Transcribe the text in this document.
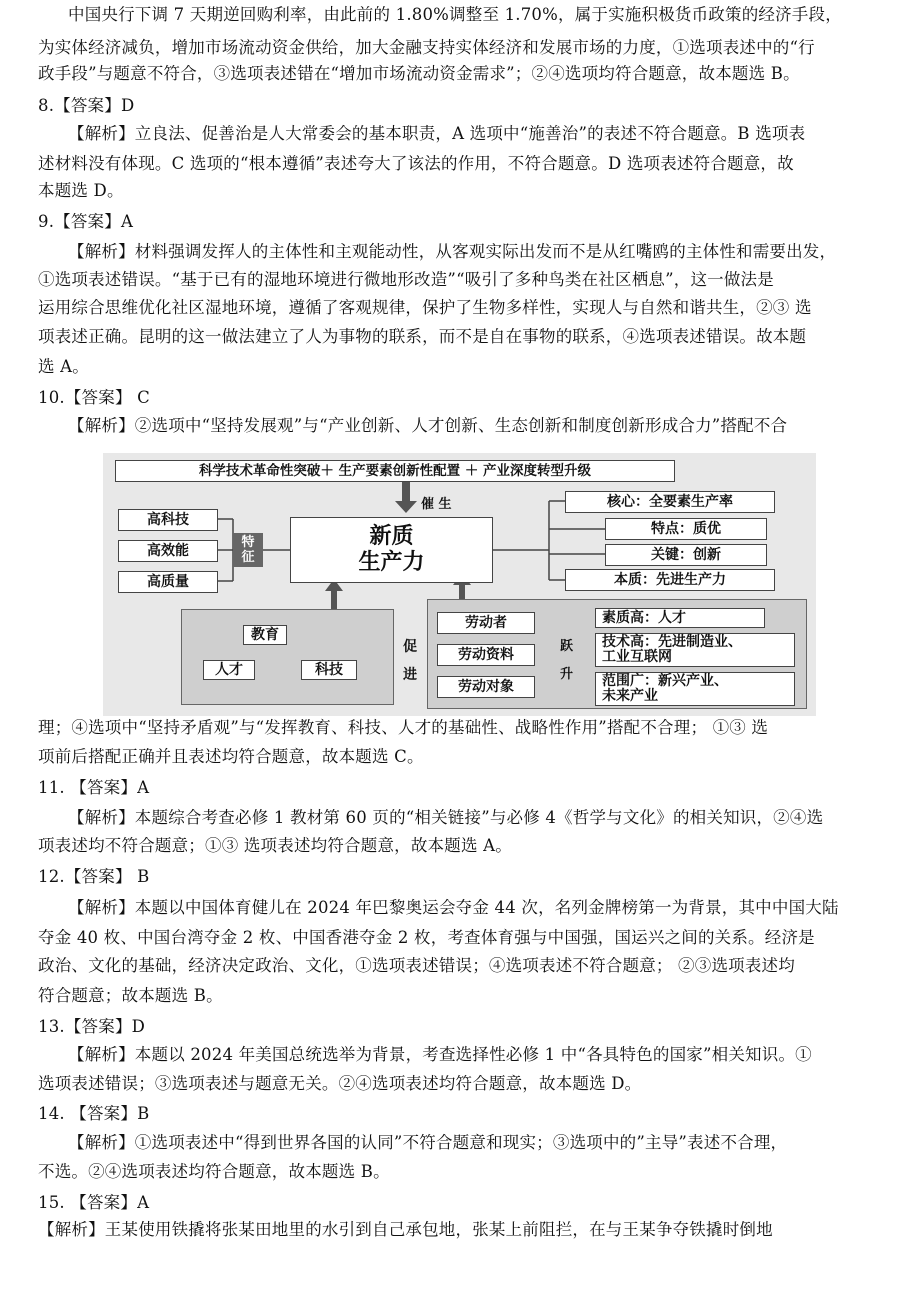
中国央行下调 7 天期逆回购利率，由此前的 1.80%调整至 1.70%，属于实施积极货币政策的经济手段，
为实体经济减负，增加市场流动资金供给，加大金融支持实体经济和发展市场的力度，①选项表述中的“行
政手段”与题意不符合，③选项表述错在“增加市场流动资金需求”；②④选项均符合题意，故本题选 B。
8.【答案】D
【解析】立良法、促善治是人大常委会的基本职责，A 选项中“施善治”的表述不符合题意。B 选项表
述材料没有体现。C 选项的“根本遵循”表述夸大了该法的作用，不符合题意。D 选项表述符合题意，故
本题选 D。
9.【答案】A
【解析】材料强调发挥人的主体性和主观能动性，从客观实际出发而不是从红嘴鸥的主体性和需要出发，
①选项表述错误。“基于已有的湿地环境进行微地形改造”“吸引了多种鸟类在社区栖息”，这一做法是
运用综合思维优化社区湿地环境，遵循了客观规律，保护了生物多样性，实现人与自然和谐共生，②③ 选
项表述正确。昆明的这一做法建立了人为事物的联系，而不是自在事物的联系，④选项表述错误。故本题
选 A。
10.【答案】 C
【解析】②选项中“坚持发展观”与“产业创新、人才创新、生态创新和制度创新形成合力”搭配不合
理；④选项中“坚持矛盾观”与“发挥教育、科技、人才的基础性、战略性作用”搭配不合理； ①③ 选
项前后搭配正确并且表述均符合题意，故本题选 C。
11. 【答案】A
【解析】本题综合考查必修 1 教材第 60 页的“相关链接”与必修 4《哲学与文化》的相关知识，②④选
项表述均不符合题意；①③ 选项表述均符合题意，故本题选 A。
12.【答案】 B
【解析】本题以中国体育健儿在 2024 年巴黎奥运会夺金 44 次，名列金牌榜第一为背景，其中中国大陆
夺金 40 枚、中国台湾夺金 2 枚、中国香港夺金 2 枚，考查体育强与中国强，国运兴之间的关系。经济是
政治、文化的基础，经济决定政治、文化，①选项表述错误；④选项表述不符合题意； ②③选项表述均
符合题意；故本题选 B。
13.【答案】D
【解析】本题以 2024 年美国总统选举为背景，考查选择性必修 1 中“各具特色的国家”相关知识。①
选项表述错误；③选项表述与题意无关。②④选项表述均符合题意，故本题选 D。
14. 【答案】B
【解析】①选项表述中“得到世界各国的认同”不符合题意和现实；③选项中的”主导”表述不合理，
不选。②④选项表述均符合题意，故本题选 B。
15. 【答案】A
【解析】王某使用铁撬将张某田地里的水引到自己承包地，张某上前阻拦，在与王某争夺铁撬时倒地
科学技术革命性突破＋ 生产要素创新性配置 ＋ 产业深度转型升级
催 生
新质
生产力
高科技
高效能
高质量
特
征
核心：全要素生产率
特点：质优
关键：创新
本质：先进生产力
教育
人才	科技
促
进
劳动者
劳动资料
劳动对象
跃
升
素质高：人才
技术高：先进制造业、
工业互联网
范围广：新兴产业、
未来产业
